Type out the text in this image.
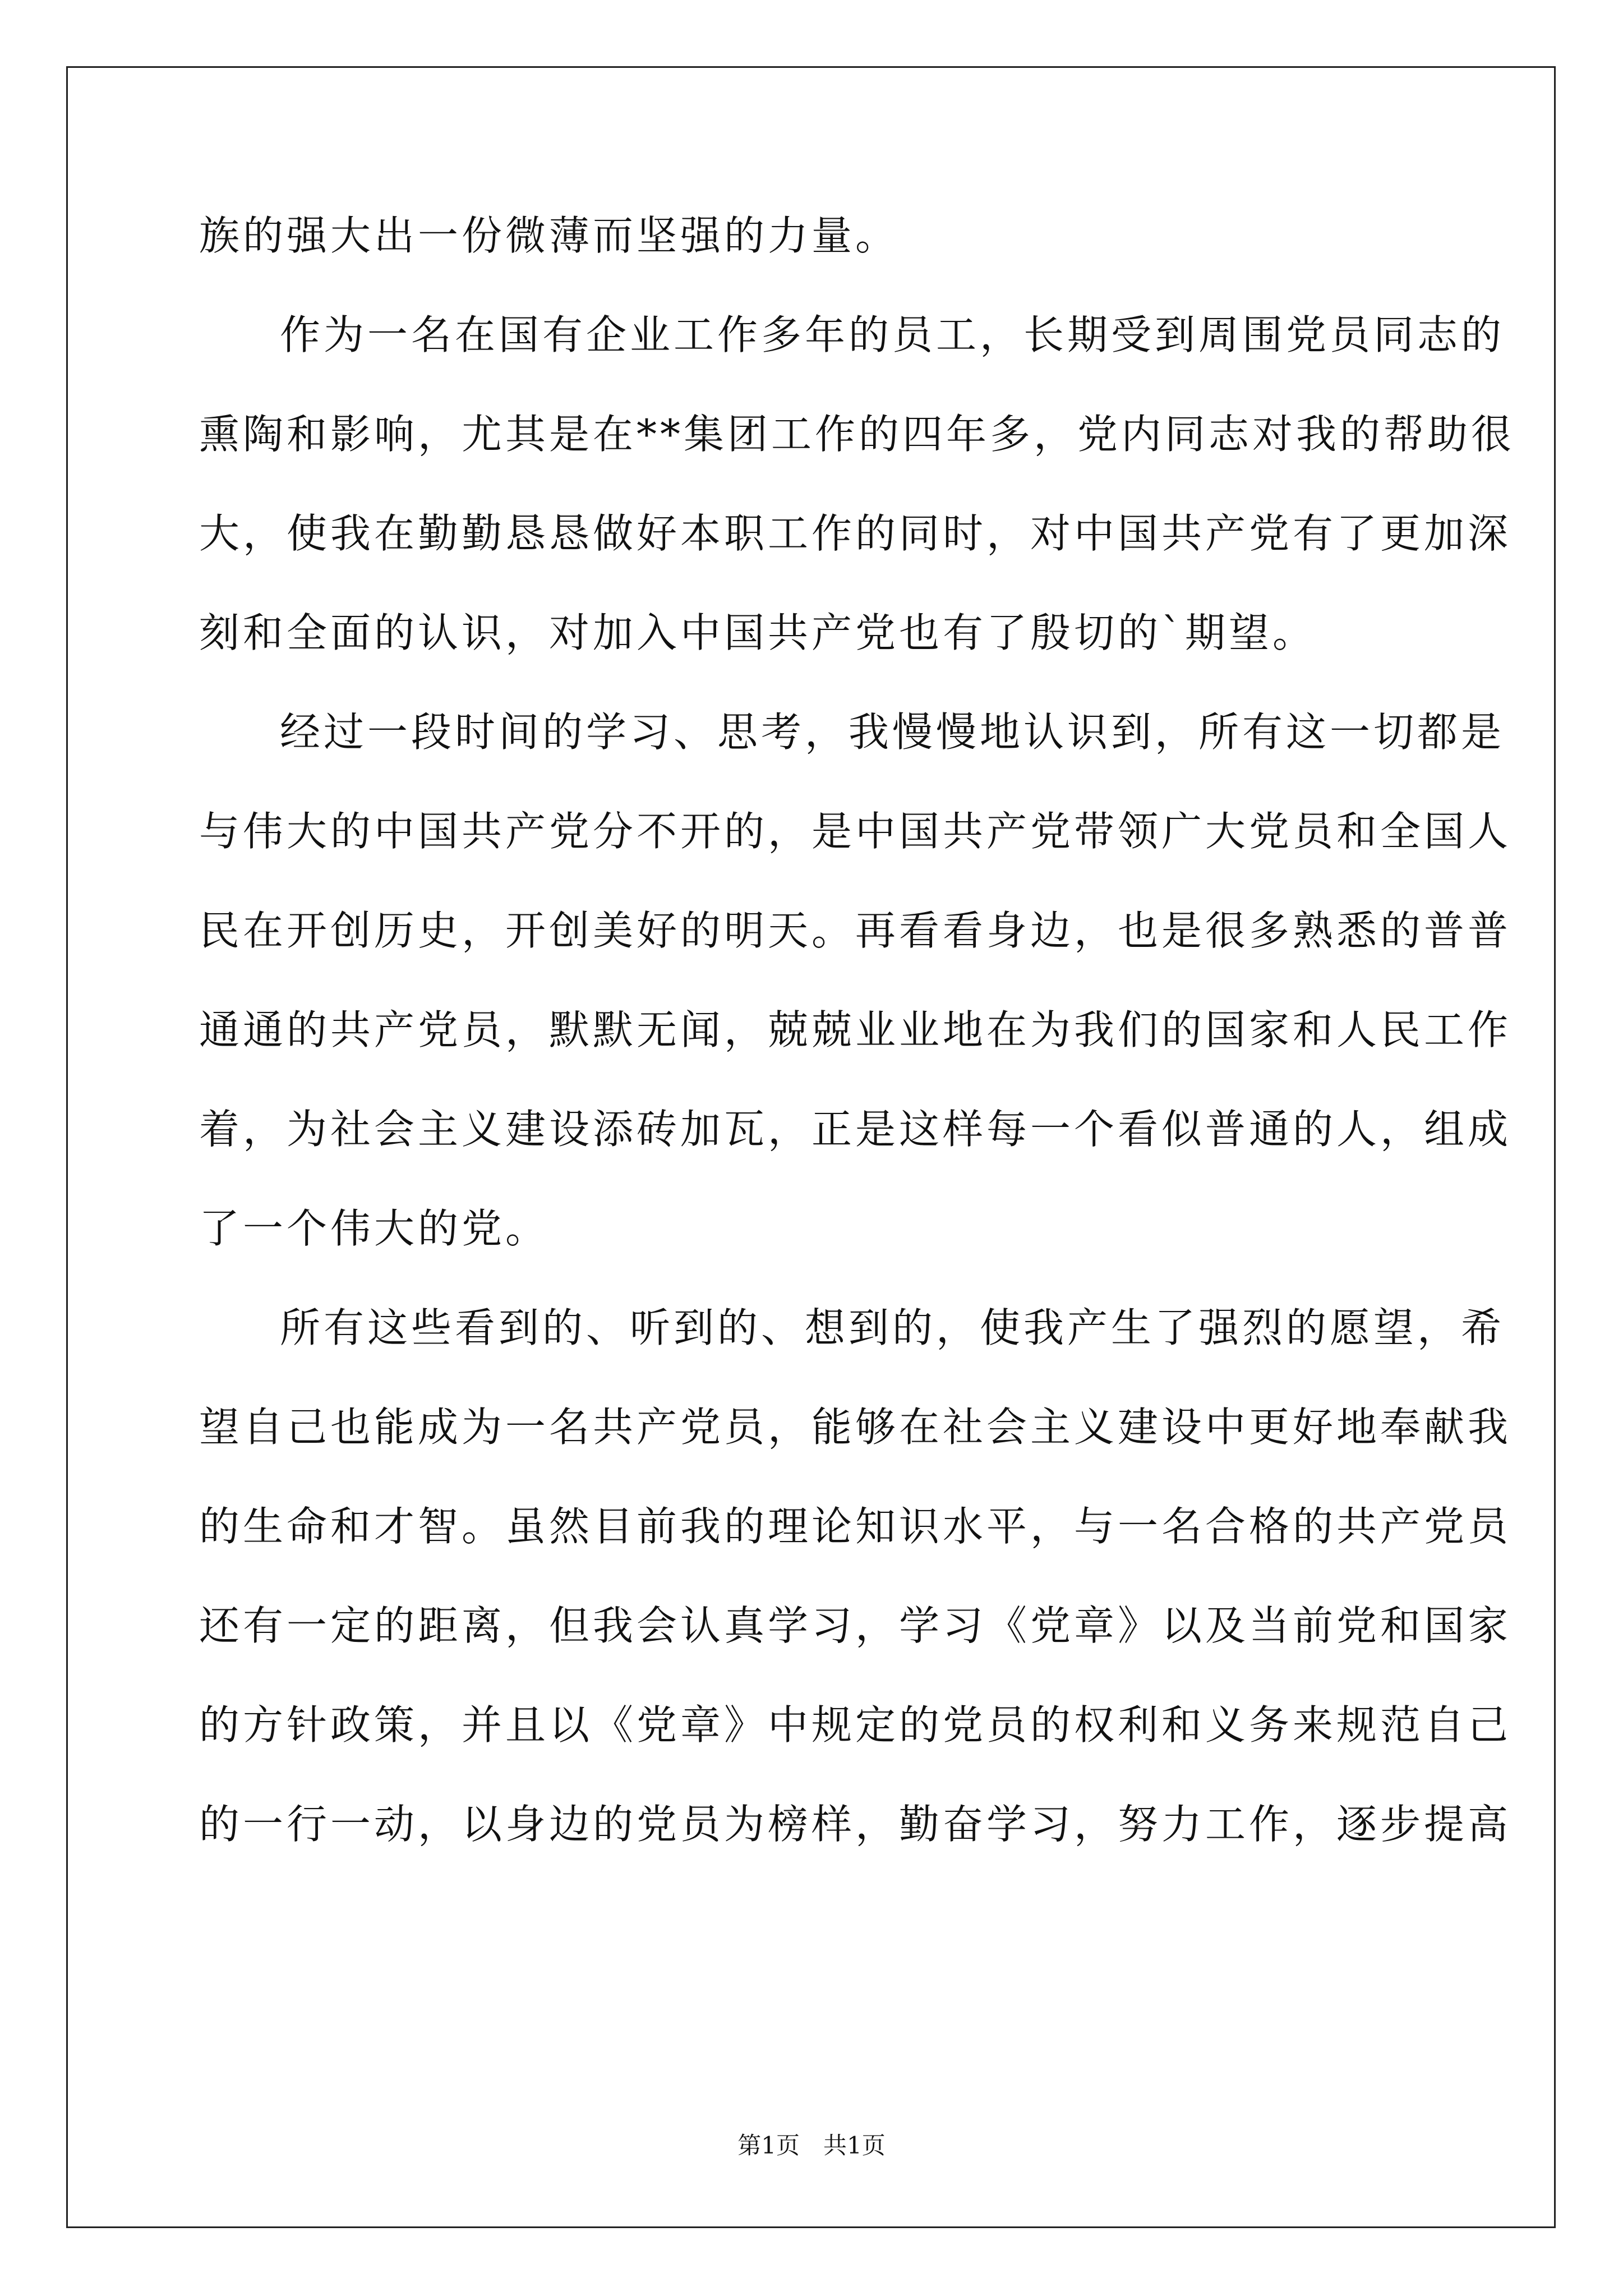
族的强大出一份微薄而坚强的力量。
作为一名在国有企业工作多年的员工，长期受到周围党员同志的
熏陶和影响，尤其是在**集团工作的四年多，党内同志对我的帮助很
大，使我在勤勤恳恳做好本职工作的同时，对中国共产党有了更加深
刻和全面的认识，对加入中国共产党也有了殷切的`期望。
经过一段时间的学习、思考，我慢慢地认识到，所有这一切都是
与伟大的中国共产党分不开的，是中国共产党带领广大党员和全国人
民在开创历史，开创美好的明天。再看看身边，也是很多熟悉的普普
通通的共产党员，默默无闻，兢兢业业地在为我们的国家和人民工作
着，为社会主义建设添砖加瓦，正是这样每一个看似普通的人，组成
了一个伟大的党。
所有这些看到的、听到的、想到的，使我产生了强烈的愿望，希
望自己也能成为一名共产党员，能够在社会主义建设中更好地奉献我
的生命和才智。虽然目前我的理论知识水平，与一名合格的共产党员
还有一定的距离，但我会认真学习，学习《党章》以及当前党和国家
的方针政策，并且以《党章》中规定的党员的权利和义务来规范自己
的一行一动，以身边的党员为榜样，勤奋学习，努力工作，逐步提高
第1页　共1页
